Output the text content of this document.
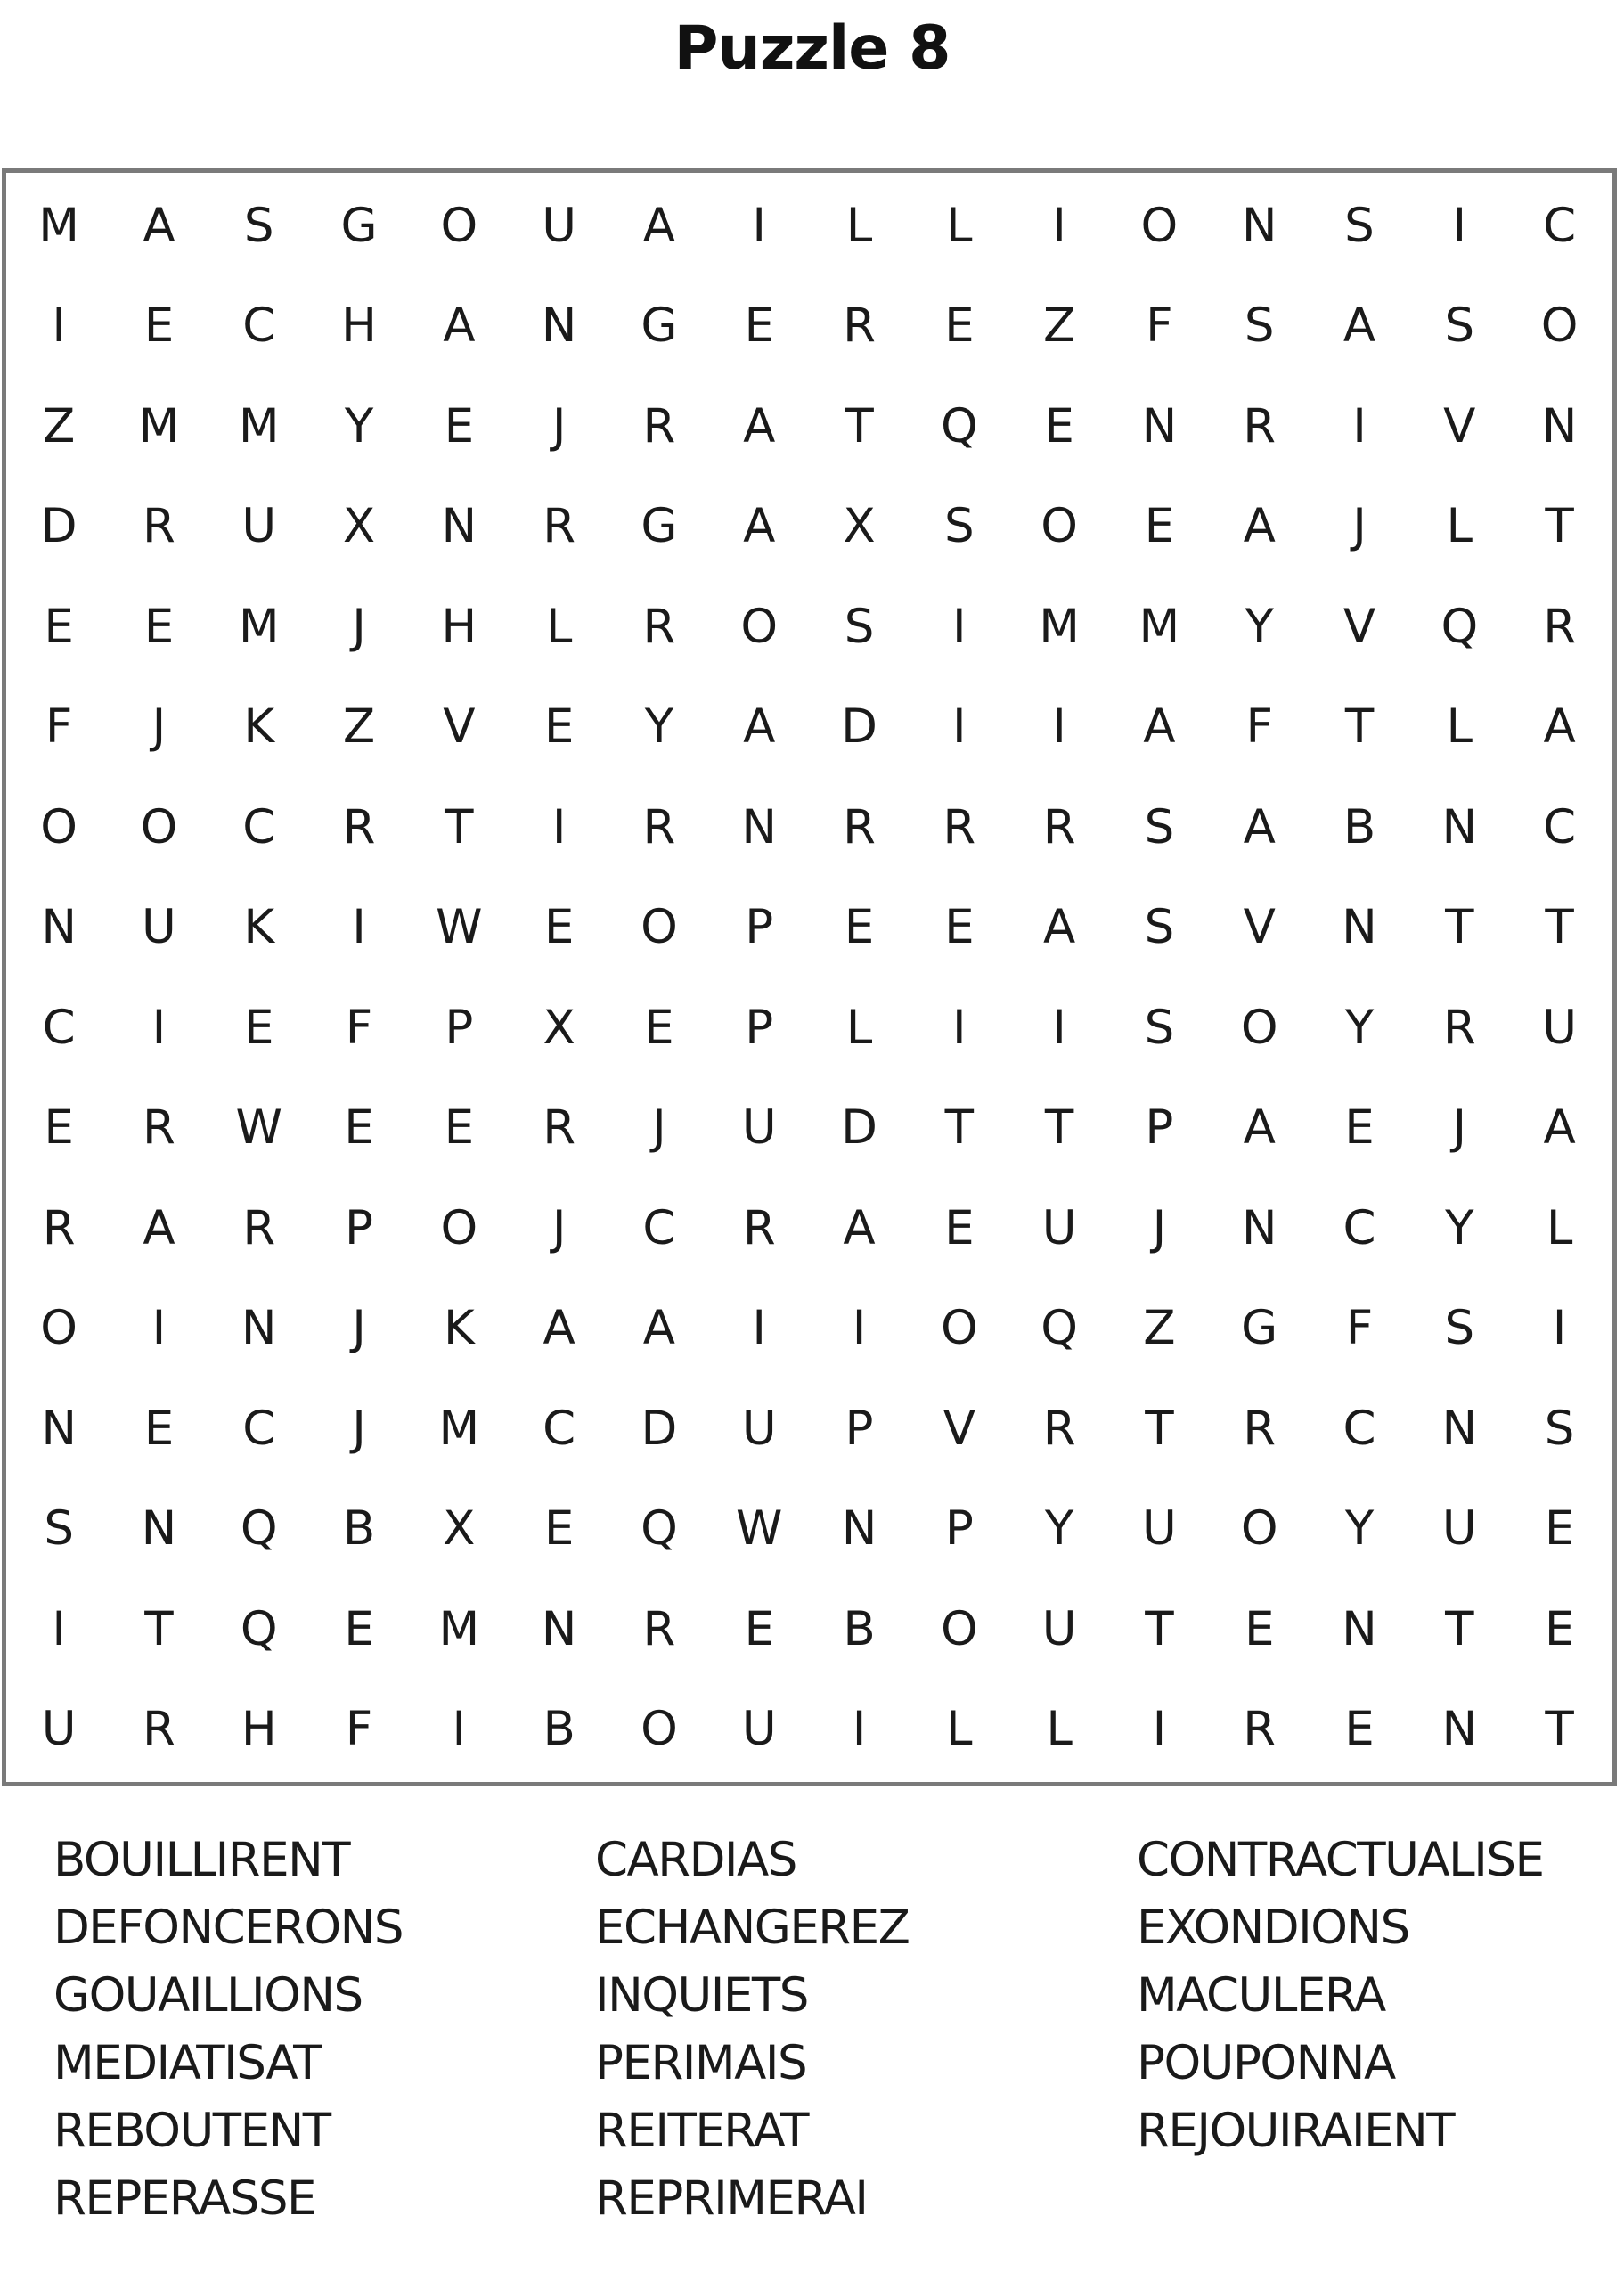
Puzzle 8
M	A	S	G	O	U	A	I	L	L	I	O	N	S	I	C
I	E	C	H	A	N	G	E	R	E	Z	F	S	A	S	O
Z	M	M	Y	E	J	R	A	T	Q	E	N	R	I	V	N
D	R	U	X	N	R	G	A	X	S	O	E	A	J	L	T
E	E	M	J	H	L	R	O	S	I	M	M	Y	V	Q	R
F	J	K	Z	V	E	Y	A	D	I	I	A	F	T	L	A
O	O	C	R	T	I	R	N	R	R	R	S	A	B	N	C
N	U	K	I	W	E	O	P	E	E	A	S	V	N	T	T
C	I	E	F	P	X	E	P	L	I	I	S	O	Y	R	U
E	R	W	E	E	R	J	U	D	T	T	P	A	E	J	A
R	A	R	P	O	J	C	R	A	E	U	J	N	C	Y	L
O	I	N	J	K	A	A	I	I	O	Q	Z	G	F	S	I
N	E	C	J	M	C	D	U	P	V	R	T	R	C	N	S
S	N	Q	B	X	E	Q	W	N	P	Y	U	O	Y	U	E
I	T	Q	E	M	N	R	E	B	O	U	T	E	N	T	E
U	R	H	F	I	B	O	U	I	L	L	I	R	E	N	T
BOUILLIRENT
DEFONCERONS
GOUAILLIONS
MEDIATISAT
REBOUTENT
REPERASSE
CARDIAS
ECHANGEREZ
INQUIETS
PERIMAIS
REITERAT
REPRIMERAI
CONTRACTUALISE
EXONDIONS
MACULERA
POUPONNA
REJOUIRAIENT
